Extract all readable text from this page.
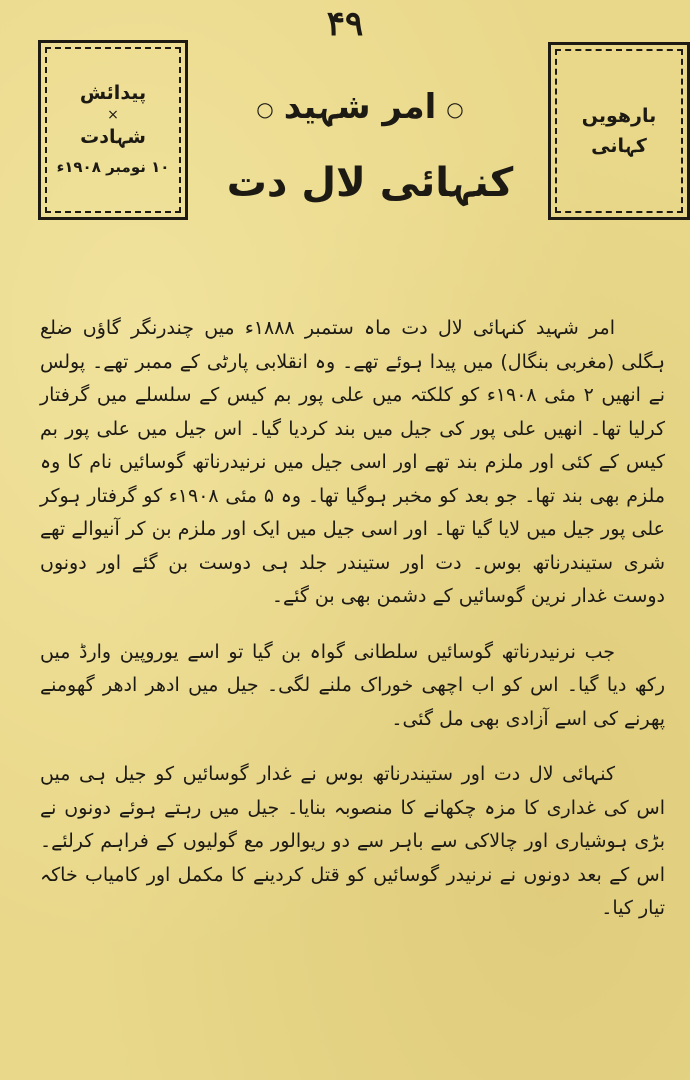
۴۹
پیدائش
×
شہادت
۱۰ نومبر ۱۹۰۸ء
بارھویں
کہانی
○امر شہید○
کنہائی لال دت

امر شہید کنہائی لال دت ماہ ستمبر ۱۸۸۸ء میں چندرنگر گاؤں ضلع ہگلی (مغربی بنگال) میں پیدا ہوئے تھے۔ وہ انقلابی پارٹی کے ممبر تھے۔ پولس نے انھیں ۲ مئی ۱۹۰۸ء کو کلکتہ میں علی پور بم کیس کے سلسلے میں گرفتار کرلیا تھا۔ انھیں علی پور کی جیل میں بند کردیا گیا۔ اس جیل میں علی پور بم کیس کے کئی اور ملزم بند تھے اور اسی جیل میں نرنیدرناتھ گوسائیں نام کا وہ ملزم بھی بند تھا۔ جو بعد کو مخبر ہوگیا تھا۔ وہ ۵ مئی ۱۹۰۸ء کو گرفتار ہوکر علی پور جیل میں لایا گیا تھا۔ اور اسی جیل میں ایک اور ملزم بن کر آنیوالے تھے شری ستیندرناتھ بوس۔ دت اور ستیندر جلد ہی دوست بن گئے اور دونوں دوست غدار نرین گوسائیں کے دشمن بھی بن گئے۔

جب نرنیدرناتھ گوسائیں سلطانی گواہ بن گیا تو اسے یوروپین وارڈ میں رکھ دیا گیا۔ اس کو اب اچھی خوراک ملنے لگی۔ جیل میں ادھر ادھر گھومنے پھرنے کی اسے آزادی بھی مل گئی۔

کنہائی لال دت اور ستیندرناتھ بوس نے غدار گوسائیں کو جیل ہی میں اس کی غداری کا مزہ چکھانے کا منصوبہ بنایا۔ جیل میں رہتے ہوئے دونوں نے بڑی ہوشیاری اور چالاکی سے باہر سے دو ریوالور مع گولیوں کے فراہم کرلئے۔ اس کے بعد دونوں نے نرنیدر گوسائیں کو قتل کردینے کا مکمل اور کامیاب خاکہ تیار کیا۔
